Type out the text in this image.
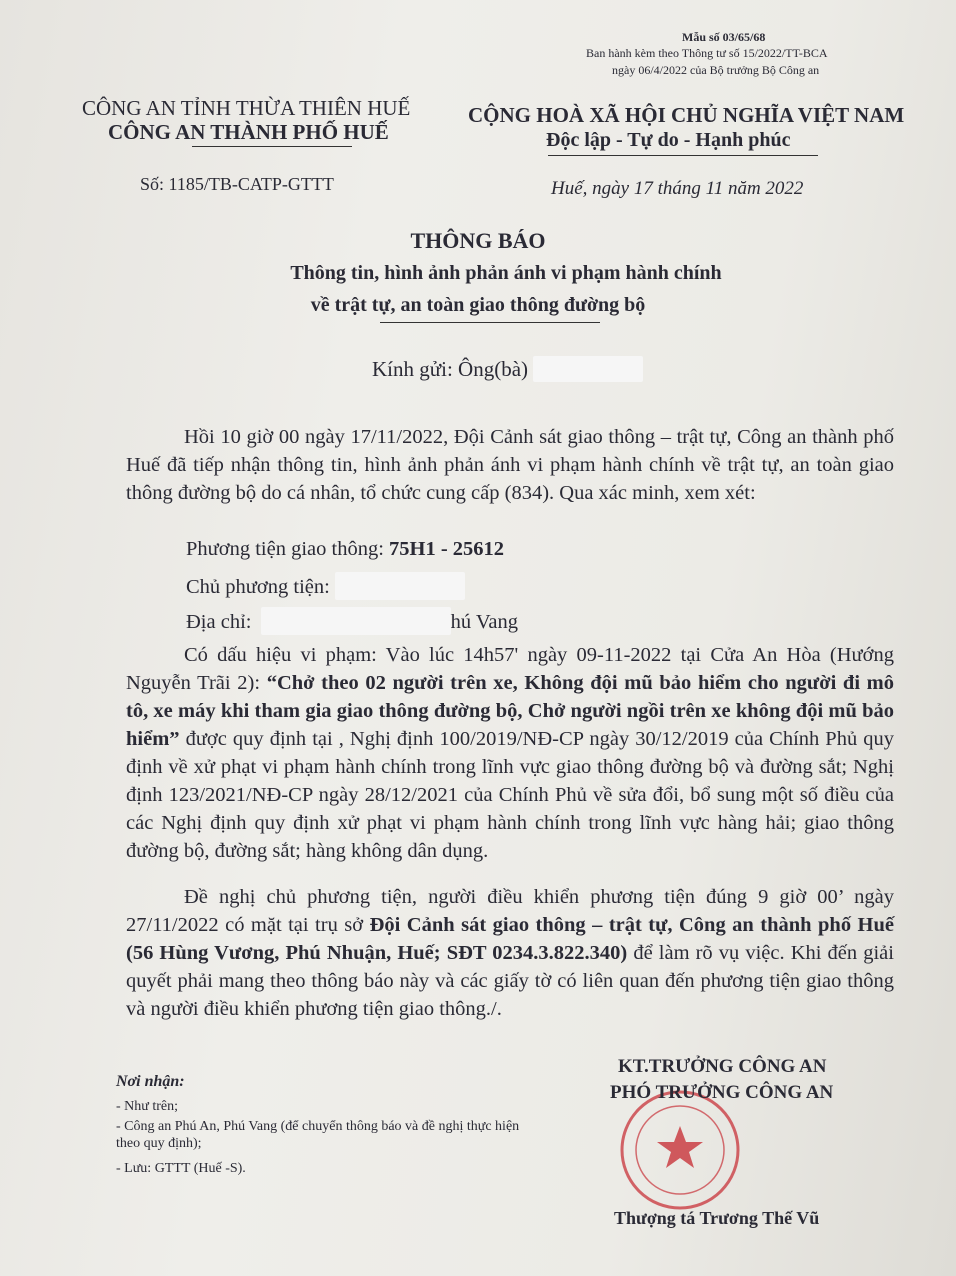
Mẫu số 03/65/68
Ban hành kèm theo Thông tư số 15/2022/TT-BCA
ngày 06/4/2022 của Bộ trưởng Bộ Công an
CÔNG AN TỈNH THỪA THIÊN HUẾ
CÔNG AN THÀNH PHỐ HUẾ
CỘNG HOÀ XÃ HỘI CHỦ NGHĨA VIỆT NAM
Độc lập - Tự do - Hạnh phúc
Số: 1185/TB-CATP-GTTT	Huế, ngày 17 tháng 11 năm 2022
THÔNG BÁO
Thông tin, hình ảnh phản ánh vi phạm hành chính
về trật tự, an toàn giao thông đường bộ
Kính gửi: Ông(bà)
Hồi 10 giờ 00 ngày 17/11/2022, Đội Cảnh sát giao thông – trật tự, Công an thành phố Huế đã tiếp nhận thông tin, hình ảnh phản ánh vi phạm hành chính về trật tự, an toàn giao thông đường bộ do cá nhân, tổ chức cung cấp (834). Qua xác minh, xem xét:
Phương tiện giao thông: 75H1 - 25612
Chủ phương tiện:
Địa chỉ:	hú Vang
Có dấu hiệu vi phạm: Vào lúc 14h57' ngày 09-11-2022 tại Cửa An Hòa (Hướng Nguyễn Trãi 2): “Chở theo 02 người trên xe, Không đội mũ bảo hiểm cho người đi mô tô, xe máy khi tham gia giao thông đường bộ, Chở người ngồi trên xe không đội mũ bảo hiểm” được quy định tại , Nghị định 100/2019/NĐ-CP ngày 30/12/2019 của Chính Phủ quy định về xử phạt vi phạm hành chính trong lĩnh vực giao thông đường bộ và đường sắt; Nghị định 123/2021/NĐ-CP ngày 28/12/2021 của Chính Phủ về sửa đổi, bổ sung một số điều của các Nghị định quy định xử phạt vi phạm hành chính trong lĩnh vực hàng hải; giao thông đường bộ, đường sắt; hàng không dân dụng.
Đề nghị chủ phương tiện, người điều khiển phương tiện đúng 9 giờ 00’ ngày 27/11/2022 có mặt tại trụ sở Đội Cảnh sát giao thông – trật tự, Công an thành phố Huế (56 Hùng Vương, Phú Nhuận, Huế; SĐT 0234.3.822.340) để làm rõ vụ việc. Khi đến giải quyết phải mang theo thông báo này và các giấy tờ có liên quan đến phương tiện giao thông và người điều khiển phương tiện giao thông./.
Nơi nhận:
- Như trên;
- Công an Phú An, Phú Vang (để chuyển thông báo và đề nghị thực hiện theo quy định);
- Lưu: GTTT (Huế -S).
KT.TRƯỞNG CÔNG AN
PHÓ TRƯỞNG CÔNG AN
Thượng tá Trương Thế Vũ
